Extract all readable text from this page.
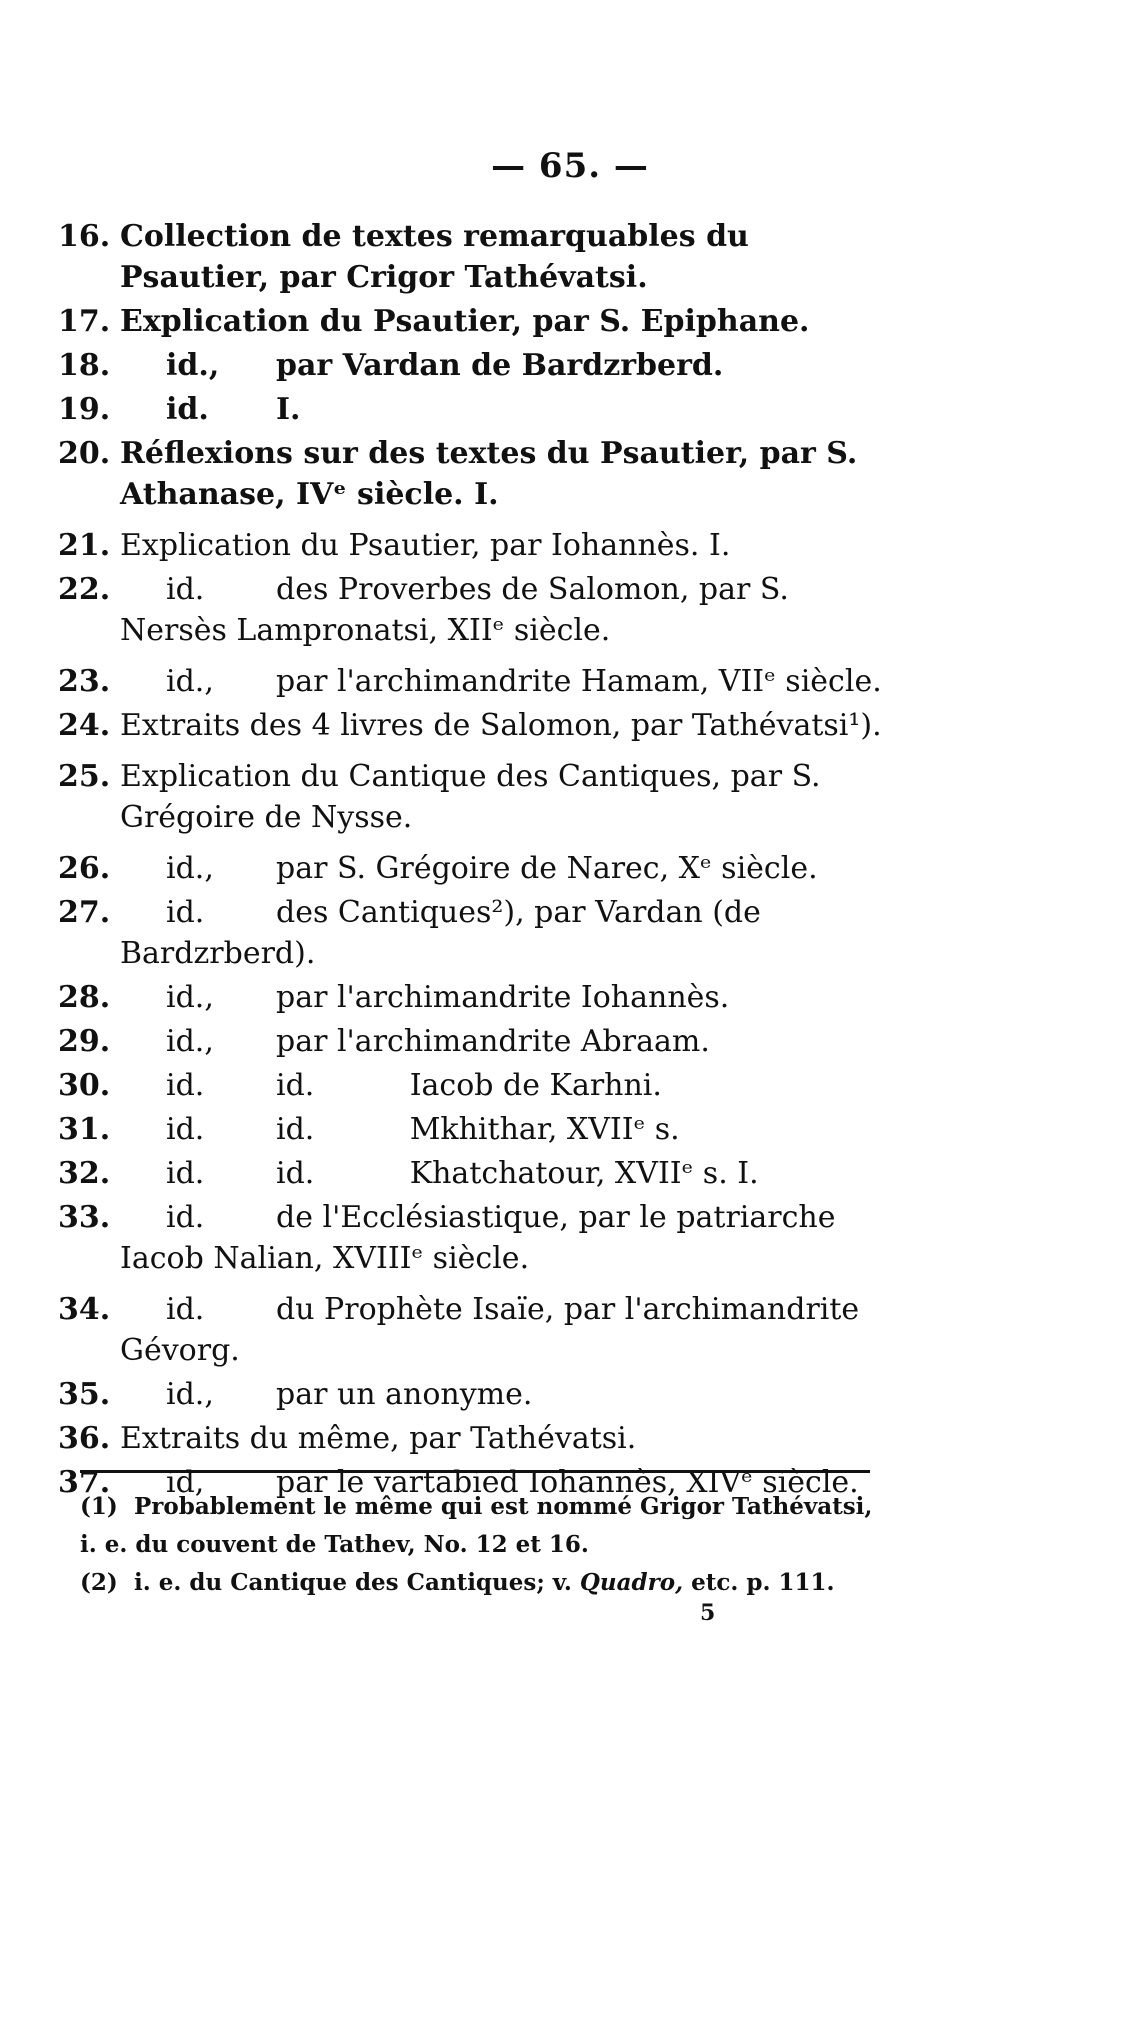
— 65. —
16. Collection de textes remarquables du Psautier, par Crigor Tathévatsi.
17. Explication du Psautier, par S. Epiphane.
18.	id., par Vardan de Bardzrberd.
19.	id. I.
20. Réflexions sur des textes du Psautier, par S. Athanase, IVᵉ siècle. I.
21. Explication du Psautier, par Iohannès. I.
22.	id. des Proverbes de Salomon, par S. Nersès Lampronatsi, XIIᵉ siècle.
23.	id., par l'archimandrite Hamam, VIIᵉ siècle.
24. Extraits des 4 livres de Salomon, par Tathévatsi¹).
25. Explication du Cantique des Cantiques, par S. Grégoire de Nysse.
26.	id., par S. Grégoire de Narec, Xᵉ siècle.
27.	id. des Cantiques²), par Vardan (de Bardzrberd).
28.	id., par l'archimandrite Iohannès.
29.	id., par l'archimandrite Abraam.
30.	id. id.          Iacob de Karhni.
31.	id. id.          Mkhithar, XVIIᵉ s.
32.	id. id.          Khatchatour, XVIIᵉ s. I.
33.	id. de l'Ecclésiastique, par le patriarche Iacob Nalian, XVIIIᵉ siècle.
34.	id. du Prophète Isaïe, par l'archimandrite Gévorg.
35.	id., par un anonyme.
36. Extraits du même, par Tathévatsi.
37.	id, par le vartabied Iohannès, XIVᵉ siècle.
(1) Probablement le même qui est nommé Grigor Tathévatsi, i. e. du couvent de Tathev, No. 12 et 16.
(2) i. e. du Cantique des Cantiques; v. Quadro, etc. p. 111.
5
